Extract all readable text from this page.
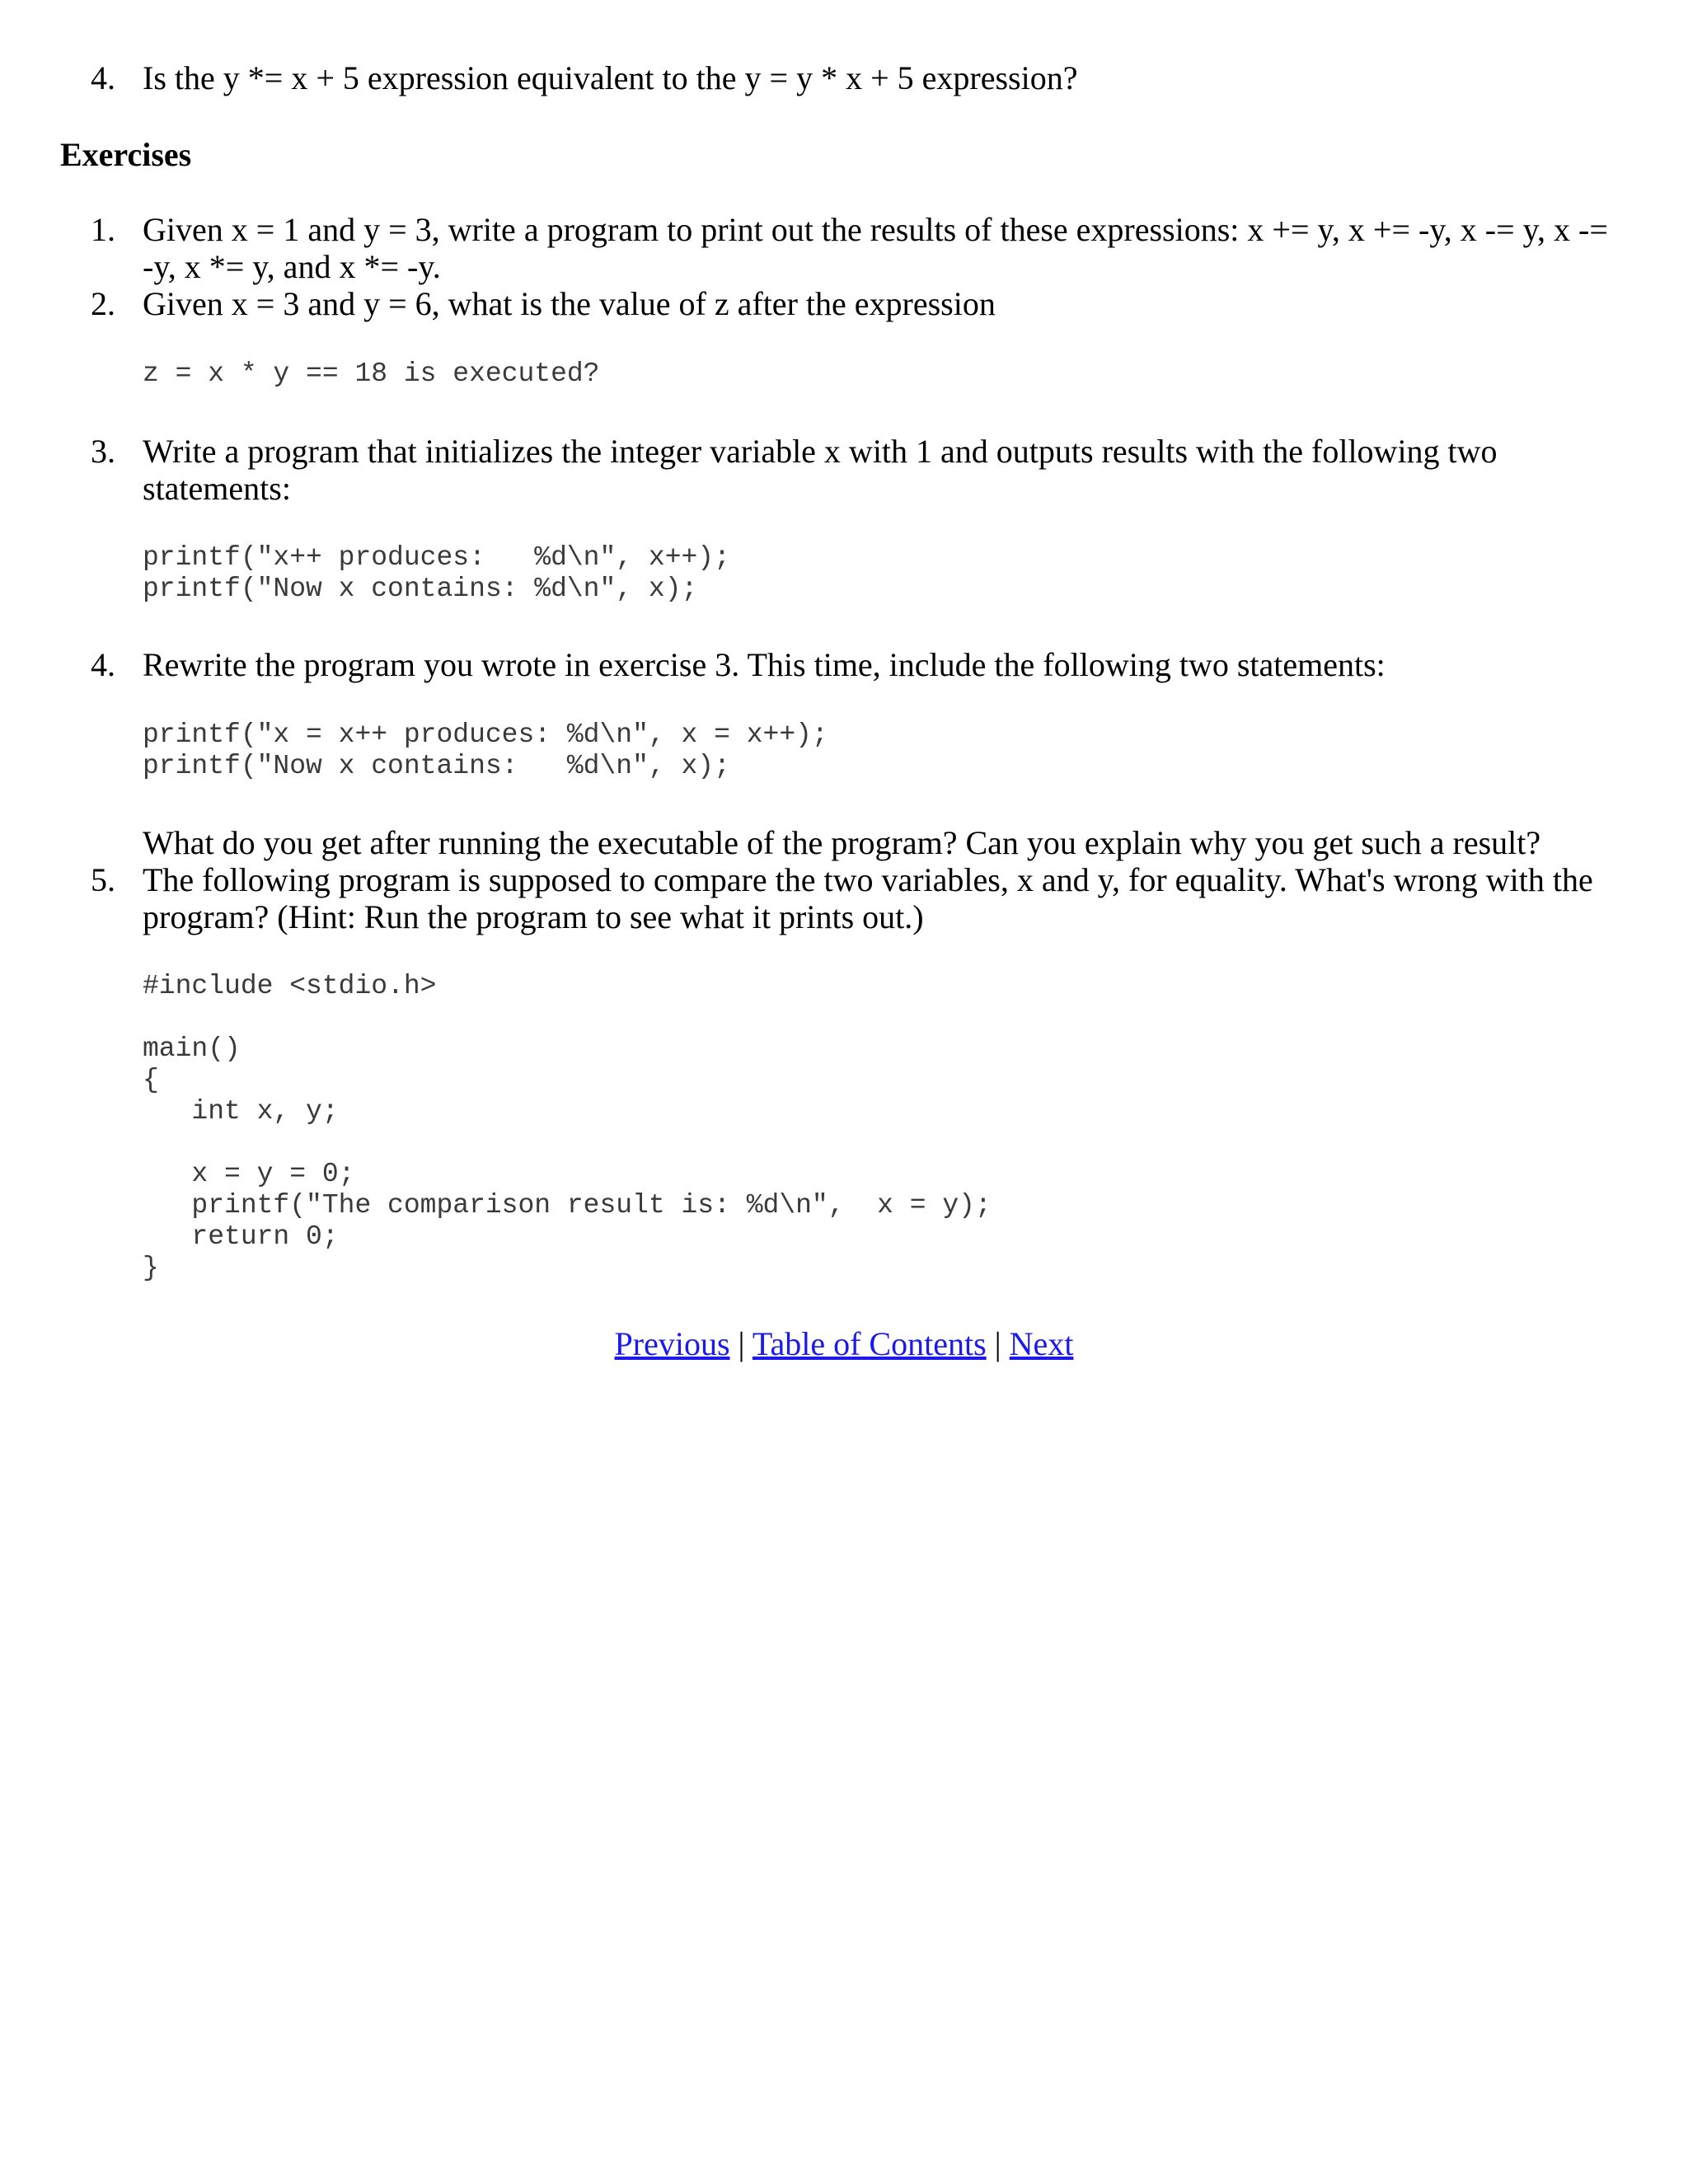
4. Is the y *= x + 5 expression equivalent to the y = y * x + 5 expression?
Exercises
1. Given x = 1 and y = 3, write a program to print out the results of these expressions: x += y, x += -y, x -= y, x -=
-y, x *= y, and x *= -y.
2. Given x = 3 and y = 6, what is the value of z after the expression
z = x * y == 18 is executed?
3. Write a program that initializes the integer variable x with 1 and outputs results with the following two
statements:
printf("x++ produces:   %d\n", x++);
printf("Now x contains: %d\n", x);
4. Rewrite the program you wrote in exercise 3. This time, include the following two statements:
printf("x = x++ produces: %d\n", x = x++);
printf("Now x contains:   %d\n", x);
What do you get after running the executable of the program? Can you explain why you get such a result?
5. The following program is supposed to compare the two variables, x and y, for equality. What's wrong with the
program? (Hint: Run the program to see what it prints out.)
#include <stdio.h>
main()
{
int x, y;

x = y = 0;
printf("The comparison result is: %d\n",  x = y);
return 0;
}
Previous | Table of Contents | Next
